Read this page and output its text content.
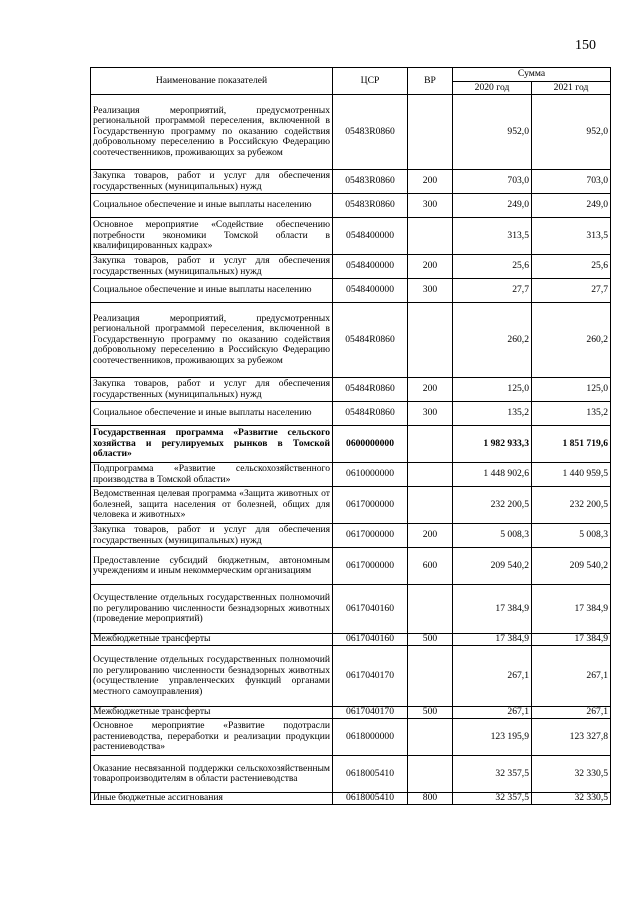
150
Наименование показателей	ЦСР	ВР	Сумма	
			2020 год	2021 год
Реализация мероприятий, предусмотренных региональной программой переселения, включенной в Государственную программу по оказанию содействия добровольному переселению в Российскую Федерацию соотечественников, проживающих за рубежом	05483R0860		952,0	952,0
Закупка товаров, работ и услуг для обеспечения государственных (муниципальных) нужд	05483R0860	200	703,0	703,0
Социальное обеспечение и иные выплаты населению	05483R0860	300	249,0	249,0
Основное мероприятие «Содействие обеспечению потребности экономики Томской области в квалифицированных кадрах»	0548400000		313,5	313,5
Закупка товаров, работ и услуг для обеспечения государственных (муниципальных) нужд	0548400000	200	25,6	25,6
Социальное обеспечение и иные выплаты населению	0548400000	300	27,7	27,7
Реализация мероприятий, предусмотренных региональной программой переселения, включенной в Государственную программу по оказанию содействия добровольному переселению в Российскую Федерацию соотечественников, проживающих за рубежом	05484R0860		260,2	260,2
Закупка товаров, работ и услуг для обеспечения государственных (муниципальных) нужд	05484R0860	200	125,0	125,0
Социальное обеспечение и иные выплаты населению	05484R0860	300	135,2	135,2
Государственная программа «Развитие сельского хозяйства и регулируемых рынков в Томской области»	0600000000		1 982 933,3	1 851 719,6
Подпрограмма «Развитие сельскохозяйственного производства в Томской области»	0610000000		1 448 902,6	1 440 959,5
Ведомственная целевая программа «Защита животных от болезней, защита населения от болезней, общих для человека и животных»	0617000000		232 200,5	232 200,5
Закупка товаров, работ и услуг для обеспечения государственных (муниципальных) нужд	0617000000	200	5 008,3	5 008,3
Предоставление субсидий бюджетным, автономным учреждениям и иным некоммерческим организациям	0617000000	600	209 540,2	209 540,2
Осуществление отдельных государственных полномочий по регулированию численности безнадзорных животных (проведение мероприятий)	0617040160		17 384,9	17 384,9
Межбюджетные трансферты	0617040160	500	17 384,9	17 384,9
Осуществление отдельных государственных полномочий по регулированию численности безнадзорных животных (осуществление управленческих функций органами местного самоуправления)	0617040170		267,1	267,1
Межбюджетные трансферты	0617040170	500	267,1	267,1
Основное мероприятие «Развитие подотрасли растениеводства, переработки и реализации продукции растениеводства»	0618000000		123 195,9	123 327,8
Оказание несвязанной поддержки сельскохозяйственным товаропроизводителям в области растениеводства	0618005410		32 357,5	32 330,5
Иные бюджетные ассигнования	0618005410	800	32 357,5	32 330,5
